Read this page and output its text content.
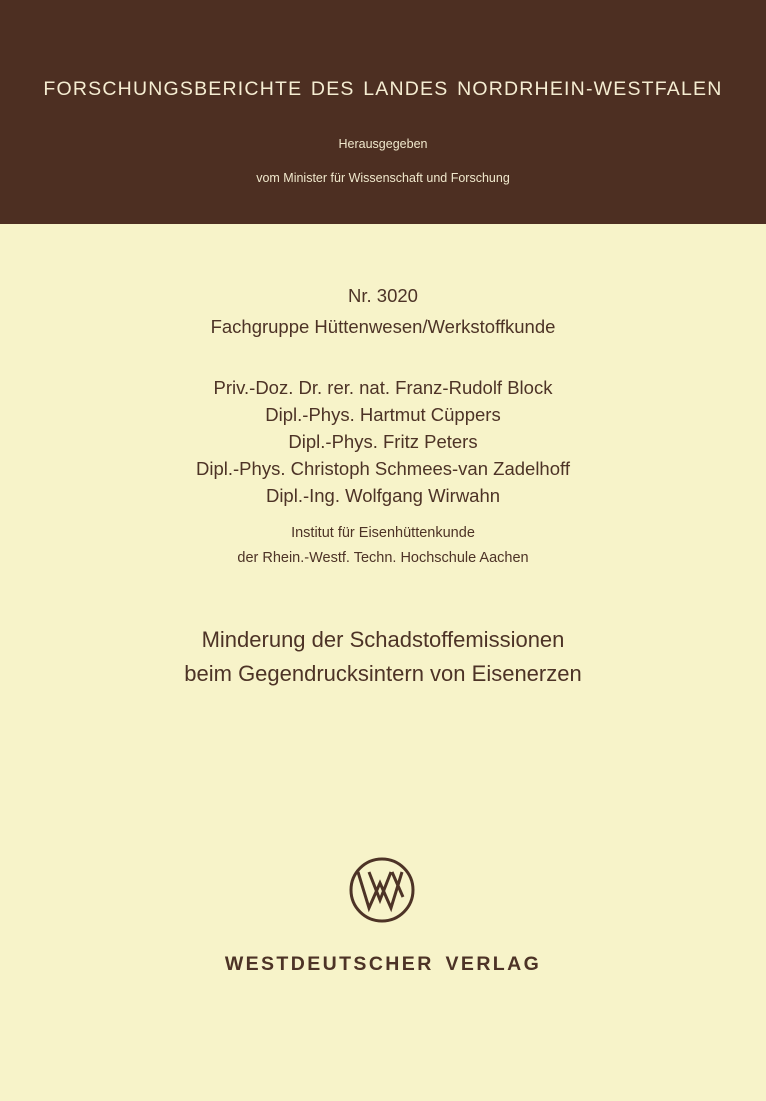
FORSCHUNGSBERICHTE DES LANDES NORDRHEIN-WESTFALEN
Herausgegeben
vom Minister für Wissenschaft und Forschung
Nr. 3020
Fachgruppe Hüttenwesen/Werkstoffkunde
Priv.-Doz. Dr. rer. nat. Franz-Rudolf Block
Dipl.-Phys. Hartmut Cüppers
Dipl.-Phys. Fritz Peters
Dipl.-Phys. Christoph Schmees-van Zadelhoff
Dipl.-Ing. Wolfgang Wirwahn
Institut für Eisenhüttenkunde
der Rhein.-Westf. Techn. Hochschule Aachen
Minderung der Schadstoffemissionen
beim Gegendrucksintern von Eisenerzen
WESTDEUTSCHER VERLAG
